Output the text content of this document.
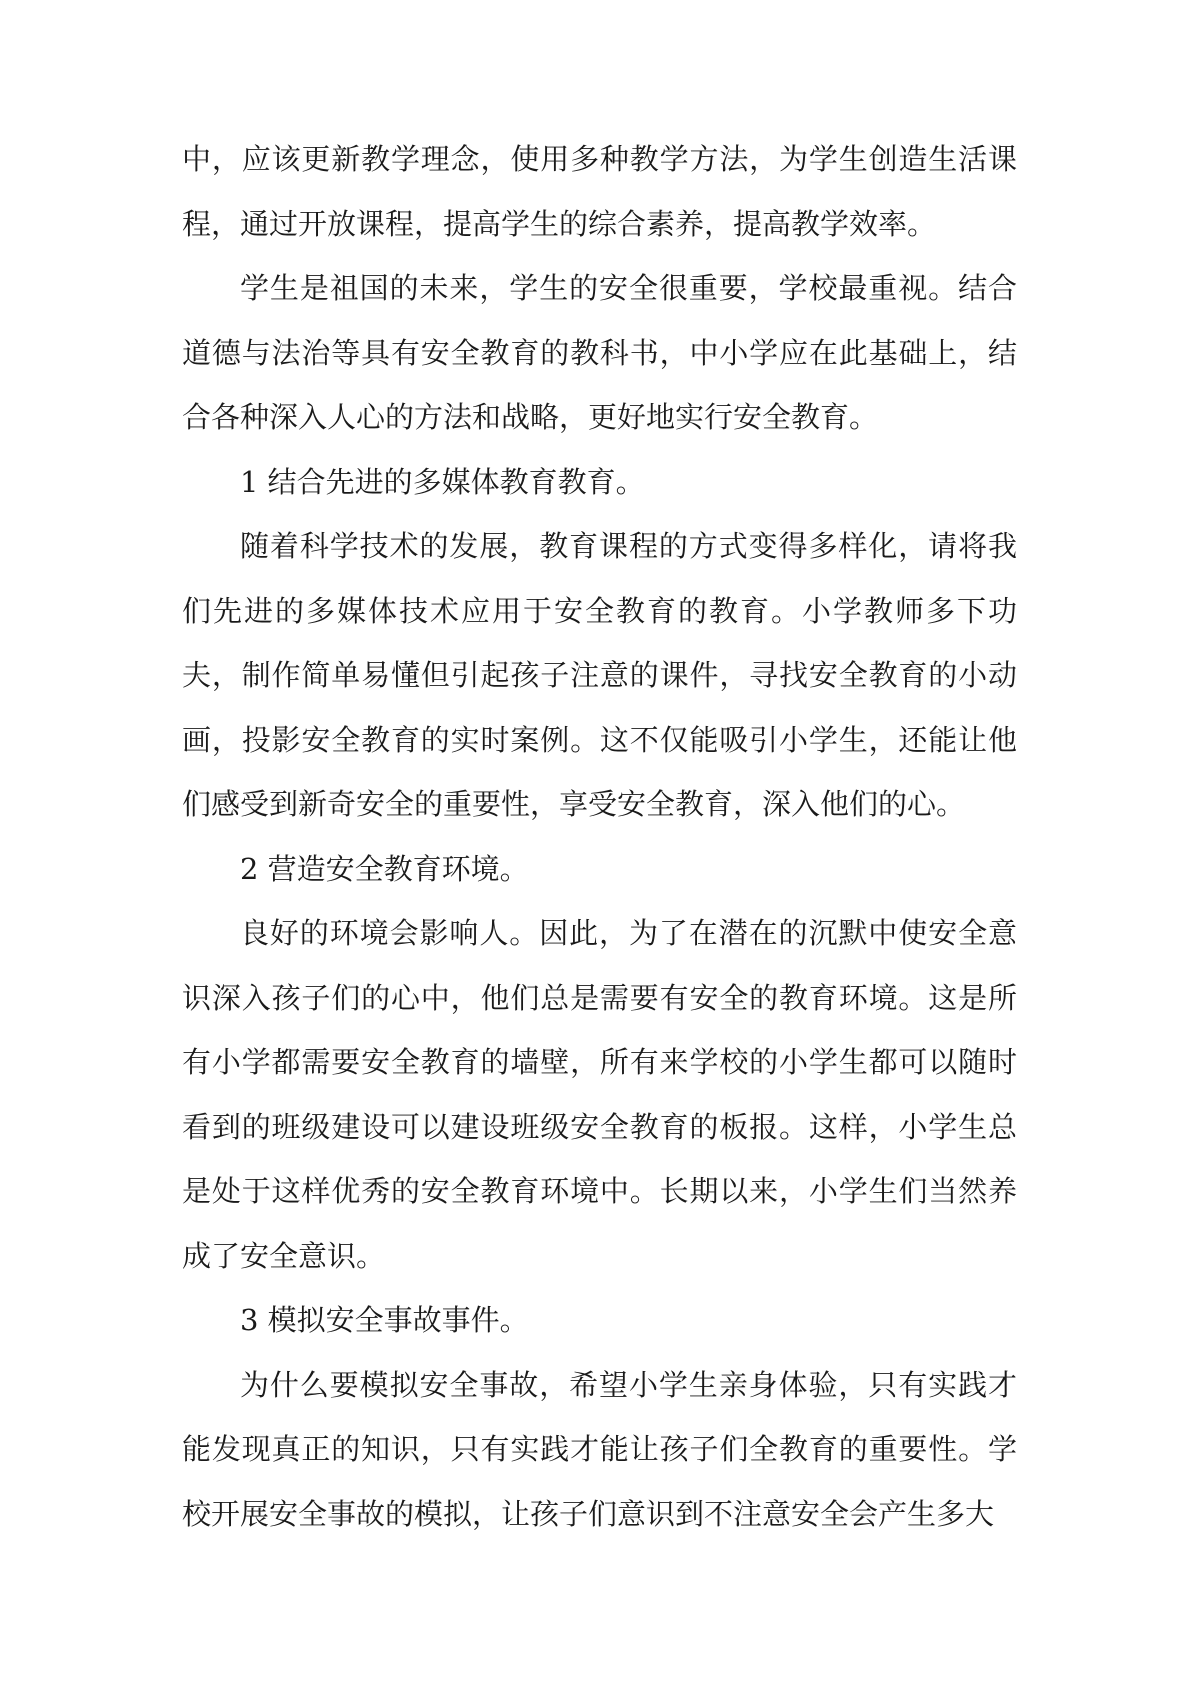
中，应该更新教学理念，使用多种教学方法，为学生创造生活课程，通过开放课程，提高学生的综合素养，提高教学效率。

学生是祖国的未来，学生的安全很重要，学校最重视。结合道德与法治等具有安全教育的教科书，中小学应在此基础上，结合各种深入人心的方法和战略，更好地实行安全教育。

1 结合先进的多媒体教育教育。

随着科学技术的发展，教育课程的方式变得多样化，请将我们先进的多媒体技术应用于安全教育的教育。小学教师多下功夫，制作简单易懂但引起孩子注意的课件，寻找安全教育的小动画，投影安全教育的实时案例。这不仅能吸引小学生，还能让他们感受到新奇安全的重要性，享受安全教育，深入他们的心。

2 营造安全教育环境。

良好的环境会影响人。因此，为了在潜在的沉默中使安全意识深入孩子们的心中，他们总是需要有安全的教育环境。这是所有小学都需要安全教育的墙壁，所有来学校的小学生都可以随时看到的班级建设可以建设班级安全教育的板报。这样，小学生总是处于这样优秀的安全教育环境中。长期以来，小学生们当然养成了安全意识。

3 模拟安全事故事件。

为什么要模拟安全事故，希望小学生亲身体验，只有实践才能发现真正的知识，只有实践才能让孩子们全教育的重要性。学校开展安全事故的模拟，让孩子们意识到不注意安全会产生多大
